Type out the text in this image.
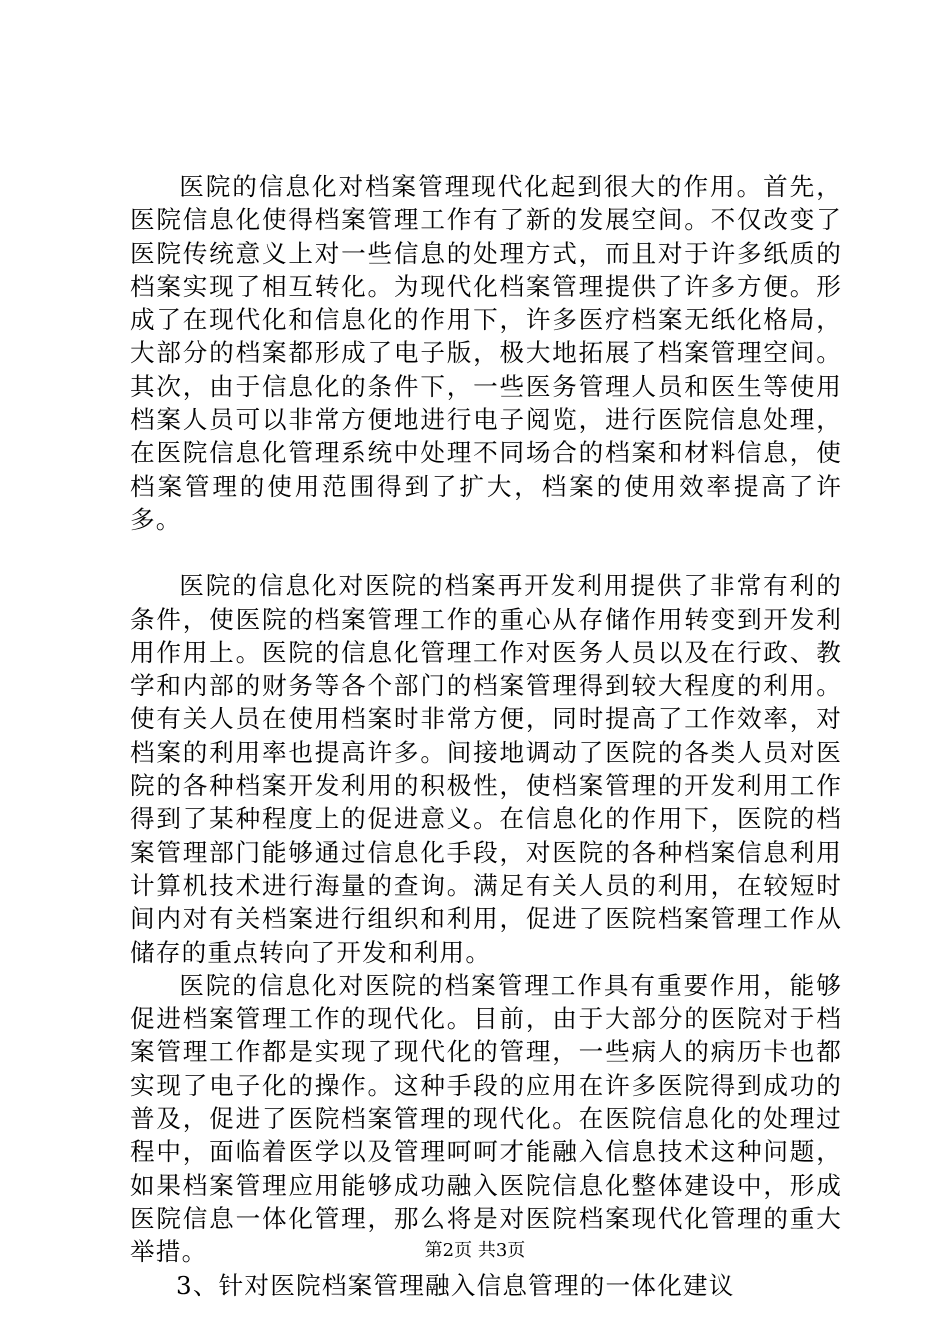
医院的信息化对档案管理现代化起到很大的作用。首先，医院信息化使得档案管理工作有了新的发展空间。不仅改变了医院传统意义上对一些信息的处理方式，而且对于许多纸质的档案实现了相互转化。为现代化档案管理提供了许多方便。形成了在现代化和信息化的作用下，许多医疗档案无纸化格局，大部分的档案都形成了电子版，极大地拓展了档案管理空间。其次，由于信息化的条件下，一些医务管理人员和医生等使用档案人员可以非常方便地进行电子阅览，进行医院信息处理，在医院信息化管理系统中处理不同场合的档案和材料信息，使档案管理的使用范围得到了扩大，档案的使用效率提高了许多。

医院的信息化对医院的档案再开发利用提供了非常有利的条件，使医院的档案管理工作的重心从存储作用转变到开发利用作用上。医院的信息化管理工作对医务人员以及在行政、教学和内部的财务等各个部门的档案管理得到较大程度的利用。使有关人员在使用档案时非常方便，同时提高了工作效率，对档案的利用率也提高许多。间接地调动了医院的各类人员对医院的各种档案开发利用的积极性，使档案管理的开发利用工作得到了某种程度上的促进意义。在信息化的作用下，医院的档案管理部门能够通过信息化手段，对医院的各种档案信息利用计算机技术进行海量的查询。满足有关人员的利用，在较短时间内对有关档案进行组织和利用，促进了医院档案管理工作从储存的重点转向了开发和利用。

医院的信息化对医院的档案管理工作具有重要作用，能够促进档案管理工作的现代化。目前，由于大部分的医院对于档案管理工作都是实现了现代化的管理，一些病人的病历卡也都实现了电子化的操作。这种手段的应用在许多医院得到成功的普及，促进了医院档案管理的现代化。在医院信息化的处理过程中，面临着医学以及管理呵呵才能融入信息技术这种问题，如果档案管理应用能够成功融入医院信息化整体建设中，形成医院信息一体化管理，那么将是对医院档案现代化管理的重大举措。

3、针对医院档案管理融入信息管理的一体化建议

第2页 共3页
